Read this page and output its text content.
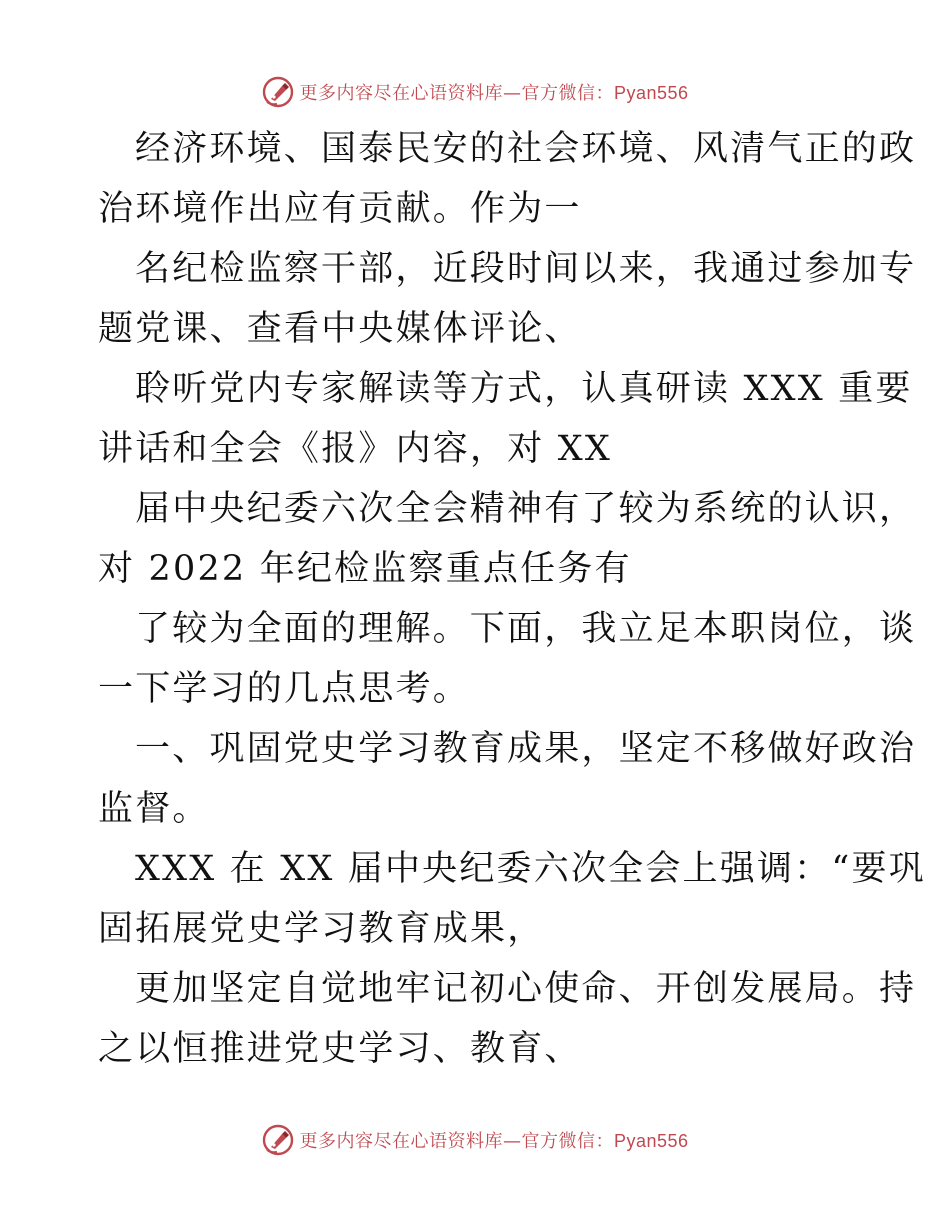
更多内容尽在心语资料库—官方微信：Pyan556
经济环境、国泰民安的社会环境、风清气正的政
治环境作出应有贡献。作为一
名纪检监察干部，近段时间以来，我通过参加专
题党课、查看中央媒体评论、
聆听党内专家解读等方式，认真研读 XXX 重要
讲话和全会《报》内容，对 XX
届中央纪委六次全会精神有了较为系统的认识，
对 2022 年纪检监察重点任务有
了较为全面的理解。下面，我立足本职岗位，谈
一下学习的几点思考。
一、巩固党史学习教育成果，坚定不移做好政治
监督。
XXX 在 XX 届中央纪委六次全会上强调：“要巩
固拓展党史学习教育成果，
更加坚定自觉地牢记初心使命、开创发展局。持
之以恒推进党史学习、教育、
更多内容尽在心语资料库—官方微信：Pyan556
